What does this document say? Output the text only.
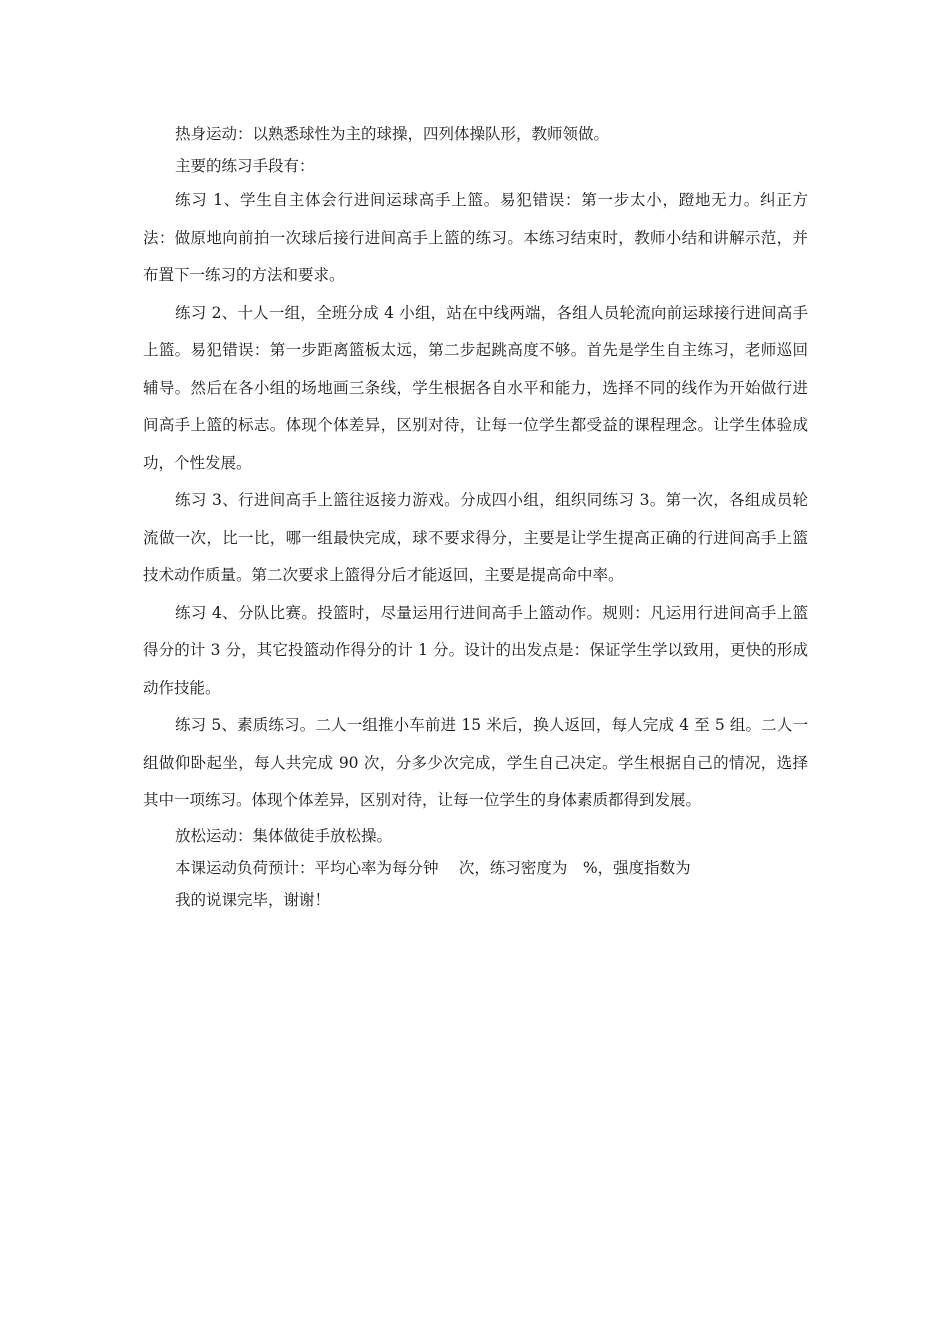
热身运动：以熟悉球性为主的球操，四列体操队形，教师领做。

主要的练习手段有：

练习 1、学生自主体会行进间运球高手上篮。易犯错误：第一步太小，蹬地无力。纠正方法：做原地向前拍一次球后接行进间高手上篮的练习。本练习结束时，教师小结和讲解示范，并布置下一练习的方法和要求。

练习 2、十人一组，全班分成 4 小组，站在中线两端，各组人员轮流向前运球接行进间高手上篮。易犯错误：第一步距离篮板太远，第二步起跳高度不够。首先是学生自主练习，老师巡回辅导。然后在各小组的场地画三条线，学生根据各自水平和能力，选择不同的线作为开始做行进间高手上篮的标志。体现个体差异，区别对待，让每一位学生都受益的课程理念。让学生体验成功，个性发展。

练习 3、行进间高手上篮往返接力游戏。分成四小组，组织同练习 3。第一次，各组成员轮流做一次，比一比，哪一组最快完成，球不要求得分，主要是让学生提高正确的行进间高手上篮技术动作质量。第二次要求上篮得分后才能返回，主要是提高命中率。

练习 4、分队比赛。投篮时，尽量运用行进间高手上篮动作。规则：凡运用行进间高手上篮得分的计 3 分，其它投篮动作得分的计 1 分。设计的出发点是：保证学生学以致用，更快的形成动作技能。

练习 5、素质练习。二人一组推小车前进 15 米后，换人返回，每人完成 4 至 5 组。二人一组做仰卧起坐，每人共完成 90 次，分多少次完成，学生自己决定。学生根据自己的情况，选择其中一项练习。体现个体差异，区别对待，让每一位学生的身体素质都得到发展。

放松运动：集体做徒手放松操。

本课运动负荷预计：平均心率为每分钟　 次，练习密度为　%，强度指数为

我的说课完毕，谢谢！
